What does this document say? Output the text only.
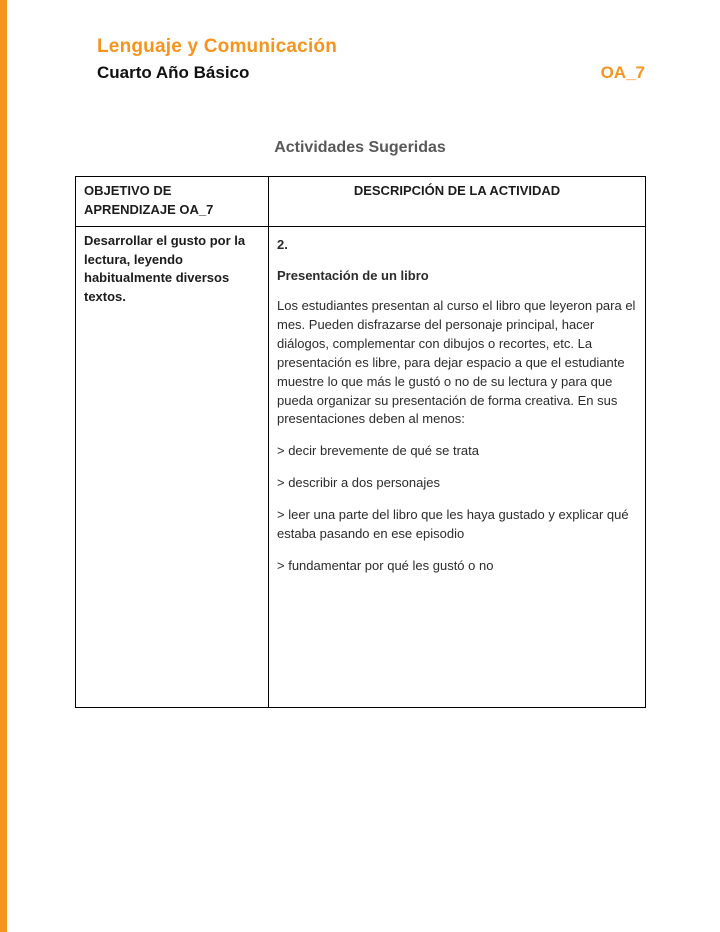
Lenguaje y Comunicación
Cuarto Año Básico	OA_7
Actividades Sugeridas
OBJETIVO DE APRENDIZAJE OA_7	DESCRIPCIÓN DE LA ACTIVIDAD

Desarrollar el gusto por la lectura, leyendo habitualmente diversos textos.

2.
Presentación de un libro
Los estudiantes presentan al curso el libro que leyeron para el mes. Pueden disfrazarse del personaje principal, hacer diálogos, complementar con dibujos o recortes, etc. La presentación es libre, para dejar espacio a que el estudiante muestre lo que más le gustó o no de su lectura y para que pueda organizar su presentación de forma creativa. En sus presentaciones deben al menos:
> decir brevemente de qué se trata
> describir a dos personajes
> leer una parte del libro que les haya gustado y explicar qué estaba pasando en ese episodio
> fundamentar por qué les gustó o no
